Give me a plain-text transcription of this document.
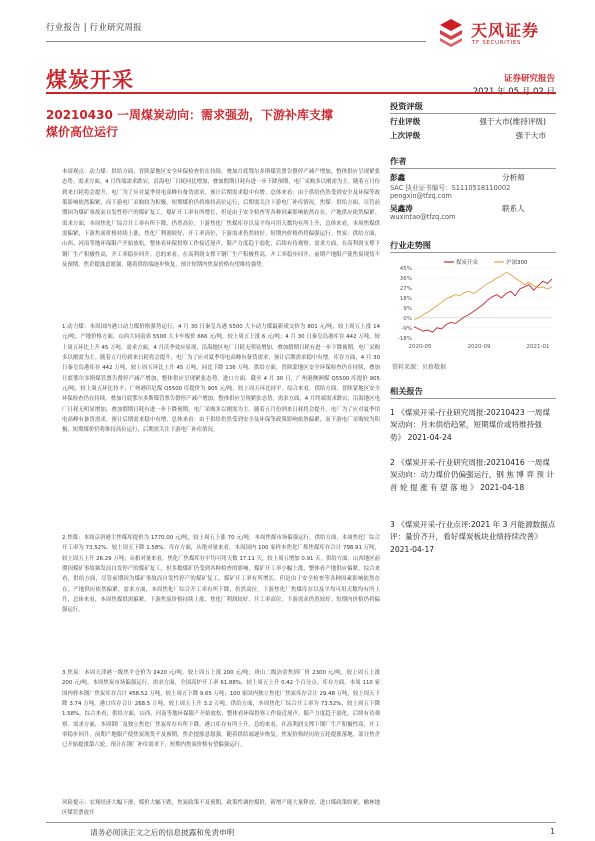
行业报告 | 行业研究周报	天风证券
TF SECURITIES
煤炭开采	证券研究报告
20210430 一周煤炭动向：需求强劲，下游补库支撑
煤价高位运行
本周观点：动力煤：供给方面，晋陕蒙地区安全环保检查仍在持续，叠加月底鄂尔多斯煤管票告罄停产减产增加，整体供应呈现紧张态势。需求方面，4 月终端需求跌宕，沿海电厂日耗同比增加，叠加假期日耗有进一步下降预期，电厂采购多以刚需为主。随着五月份到来日耗将会提升，电厂为了应对夏季用电高峰有备货需求，预计后期需求稳中有增。总体来看：由于供给仍然受到安全及环保等政策影响依然偏紧，而下游电厂采购较为积极，短期煤价仍将维持高位运行，后期需关注下游电厂补库情况。焦煤：供给方面，尽管前期因为煤矿事故而自发性停产的煤矿复工，煤矿开工率有所增长，但是由于安全检查等各种因素影响依然存在，产地供应依然偏紧。需求方面，本周焦化厂综合开工率有所下降，仍然高位。下游焦化厂焦煤库存以及平均可用天数均有所上升，总体来看，本周焦煤供需偏紧，下游焦炭价格持续上涨，焦化厂利润较好，开工率高位，下游需求仍然较好。短期内价格仍将偏强运行。焦炭：供给方面，山西、河南等地环保限产开始放松，整体看环保督察工作接近尾声，限产力度趋于弱化，后续有待观察。需求方面，在高利润支撑下钢厂生产积极性高，开工率稳步回升。总的来看，在高利润支撑下钢厂生产积极性高，开工率稳步回升，前期产地限产使焦炭现货不及预期，焦企提涨意愿强，随着供给端逐步恢复，预计短期内焦炭价格有望维持强势。
1.动力煤：本周国内港口动力煤价格强势运行，4 月 30 日秦皇岛港 5500 大卡动力煤最新成交价为 801 元/吨，较上周五上涨 14 元/吨；产地价格方面，山西大同南郊 5500 大卡车板价 666 元/吨，较上周五上涨 6 元/吨；4 月 30 日秦皇岛港库存 442 万吨，较上周五环比上升 45 万吨。需求方面，4 月沃季效应显现，沿海地区电厂日耗无明显增加，叠加假期日耗有进一步下降预期，电厂采购多以刚需为主。随着五月份到来日耗将会提升，电厂为了应对夏季用电高峰有备货需求，预计后期需求稳中有增。库存方面，4 月 30 日秦皇岛港库存 442 万吨，较上周五环比上升 45 万吨，同比下降 136 万吨。供给方面，晋陕蒙地区安全环保检查仍在持续，叠加月底鄂尔多斯煤管票告罄停产减产增加，整体供应呈现紧张态势。进口方面，截至 4 月 30 日，广州港澳洲煤 Q5500 库提价 905 元/吨，较上周五环比持平；广州港印尼煤 Q5500 库提价为 905 元/吨，较上周五环比持平。综合来看，供给方面，晋陕蒙地区安全环保检查仍在持续，叠加月底鄂尔多斯煤管票告罄停产减产增加，整体供应呈现紧张态势。需求方面，4 月终端需求跌宕，沿海地区电厂日耗无明显增加，叠加假期日耗有进一步下降预期，电厂采购多以刚需为主。随着五月份到来日耗将会提升，电厂为了应对夏季用电高峰有备货需求，预计后期需求稳中有增。总体来看：由于供给仍然受到安全及环保等政策影响依然偏紧，而下游电厂采购较为积极，短期煤价仍将维持高位运行，后期需关注下游电厂补库情况。
2.焦煤：本周京唐港主焦煤库提价为 1770.00 元/吨，较上周五上涨 70 元/吨。本周焦煤市场偏强运行。供给方面，本周焦化厂综合开工率为 73.52%，较上周五下降 1.58%。库存方面，从绝对量来看，本周国内 100 家样本焦化厂炼焦煤库存合计 798.91 万吨，较上周五上升 26.29 万吨；从相对量来看，焦化厂焦煤库存平均可用天数 17.11 天，较上周五增加 0.91 天。供给方面，山西地区前期因煤矿事故频发而自发停产的煤矿复工，但多数煤矿仍受到各种检查的影响，煤矿开工率小幅上涨，整体看产地供应偏紧。综合来看，供给方面，尽管前期因为煤矿事故而自发性停产的煤矿复工，煤矿开工率有所增长，但是由于安全检查等各种因素影响依然存在，产地供应依然偏紧。需求方面，本周焦化厂综合开工率有所下降，仍然高位。下游焦化厂焦煤库存以及平均可用天数均有所上升，总体来看，本周焦煤供需偏紧，下游焦炭价格持续上涨，焦化厂利润较好，开工率高位，下游需求仍然较好。短期内价格仍将偏强运行。
3.焦炭：本周天津港一级焦平仓价为 2420 元/吨，较上周五上涨 200 元/吨；唐山二级冶金焦到厂价 2300 元/吨，较上周五上涨 200 元/吨。本周焦炭市场偏强运行。需求方面，全国高炉开工率 61.88%，较上周五上升 0.42 个百分点。库存方面，本周 110 家国内样本钢厂焦炭库存合计 458.52 万吨，较上周五下降 9.65 万吨；100 家国内独立焦化厂焦炭库存合计 29.48 万吨，较上周五下降 3.74 万吨。港口库存合计 268.5 万吨，较上周五上升 3.2 万吨。供给方面，本周焦化厂综合开工率为 73.52%，较上周五下降 1.58%。综合来看，供给方面，山西、河南等地环保限产开始放松，整体看环保督察工作接近尾声，限产力度趋于弱化，后续有待观察。需求方面，本周钢厂及独立焦化厂焦炭库存有所下降，港口库存有所上升。总的来看，在高利润支撑下钢厂生产积极性高，开工率稳步回升，前期产地限产使焦炭现货不及预期，焦企提涨意愿强，随着供给端逐步恢复，焦炭价格经历的五轮提涨落地，部分焦企已开始提涨第六轮，预计在钢厂补库需求下，短期内焦炭价格有望偏强运行。
风险提示：宏观经济大幅下滑，煤价大幅下跌，焦炭政策不及预期，政策性调控煤价，新增产能大量释放，进口煤政策收紧，榆林地区煤管票放开
投资评级
行业评级	强于大市(维持评级)
上次评级	强于大市
作者
彭鑫	分析师
SAC 执业证书编号：S1110518110002
pengxin@tfzq.com
吴鑫涛	联系人
wuxintao@tfzq.com
行业走势图
45%
36%
27%
18%
9%
0%
-9%
-18%
2020-05	2020-09	2021-01
煤炭开采	沪深300
资料来源：贝格数据
相关报告
1 《煤炭开采-行业研究周报:20210423 一周煤炭动向：月末供给趋紧，短期煤价或将维持强势》 2021-04-24
2 《煤炭开采-行业研究周报:20210416 一周煤炭动向：动力煤价仍偏强运行，钢 焦 博 弈 预 计 首 轮 提 涨 有 望 落 地 》 2021-04-18
3 《煤炭开采-行业点评:2021 年 3 月能源数据点评：量价齐升，看好煤炭板块业绩持续改善》 2021-04-17
请务必阅读正文之后的信息披露和免责申明	1
